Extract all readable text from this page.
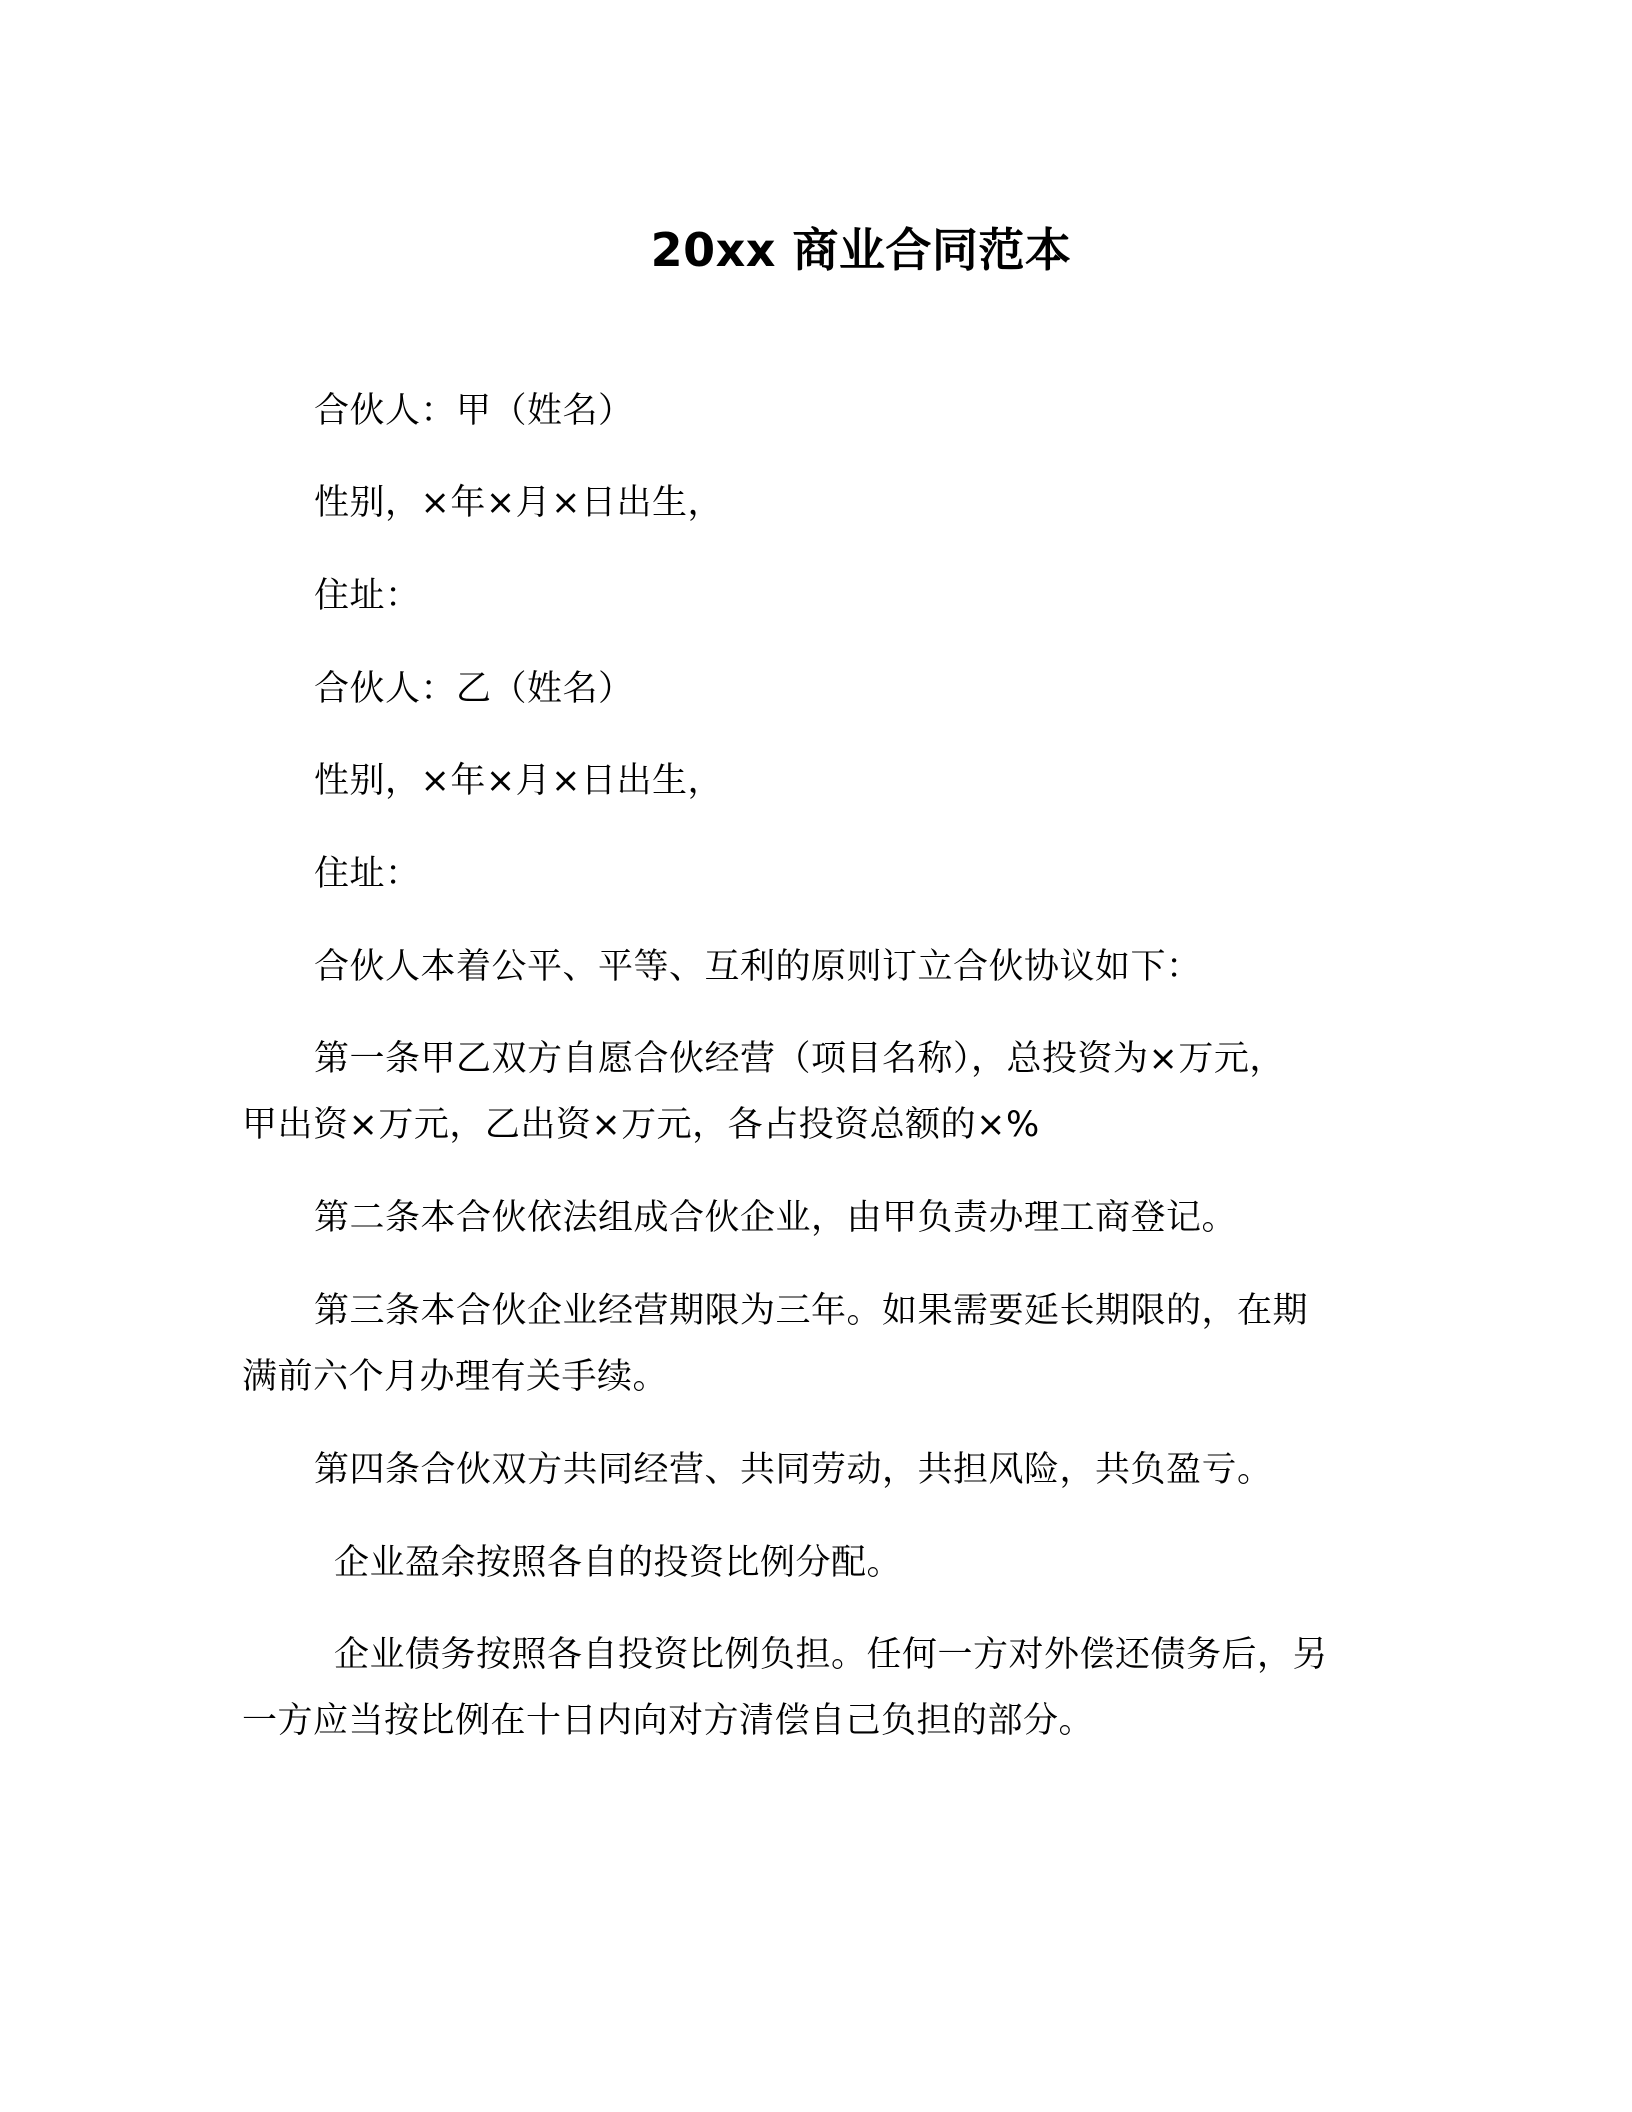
20xx 商业合同范本

合伙人：甲（姓名）

性别，×年×月×日出生，

住址：

合伙人：乙（姓名）

性别，×年×月×日出生，

住址：

合伙人本着公平、平等、互利的原则订立合伙协议如下：

第一条甲乙双方自愿合伙经营（项目名称），总投资为×万元，
甲出资×万元，乙出资×万元，各占投资总额的×%

第二条本合伙依法组成合伙企业，由甲负责办理工商登记。

第三条本合伙企业经营期限为三年。如果需要延长期限的，在期
满前六个月办理有关手续。

第四条合伙双方共同经营、共同劳动，共担风险，共负盈亏。

企业盈余按照各自的投资比例分配。

企业债务按照各自投资比例负担。任何一方对外偿还债务后，另
一方应当按比例在十日内向对方清偿自己负担的部分。
